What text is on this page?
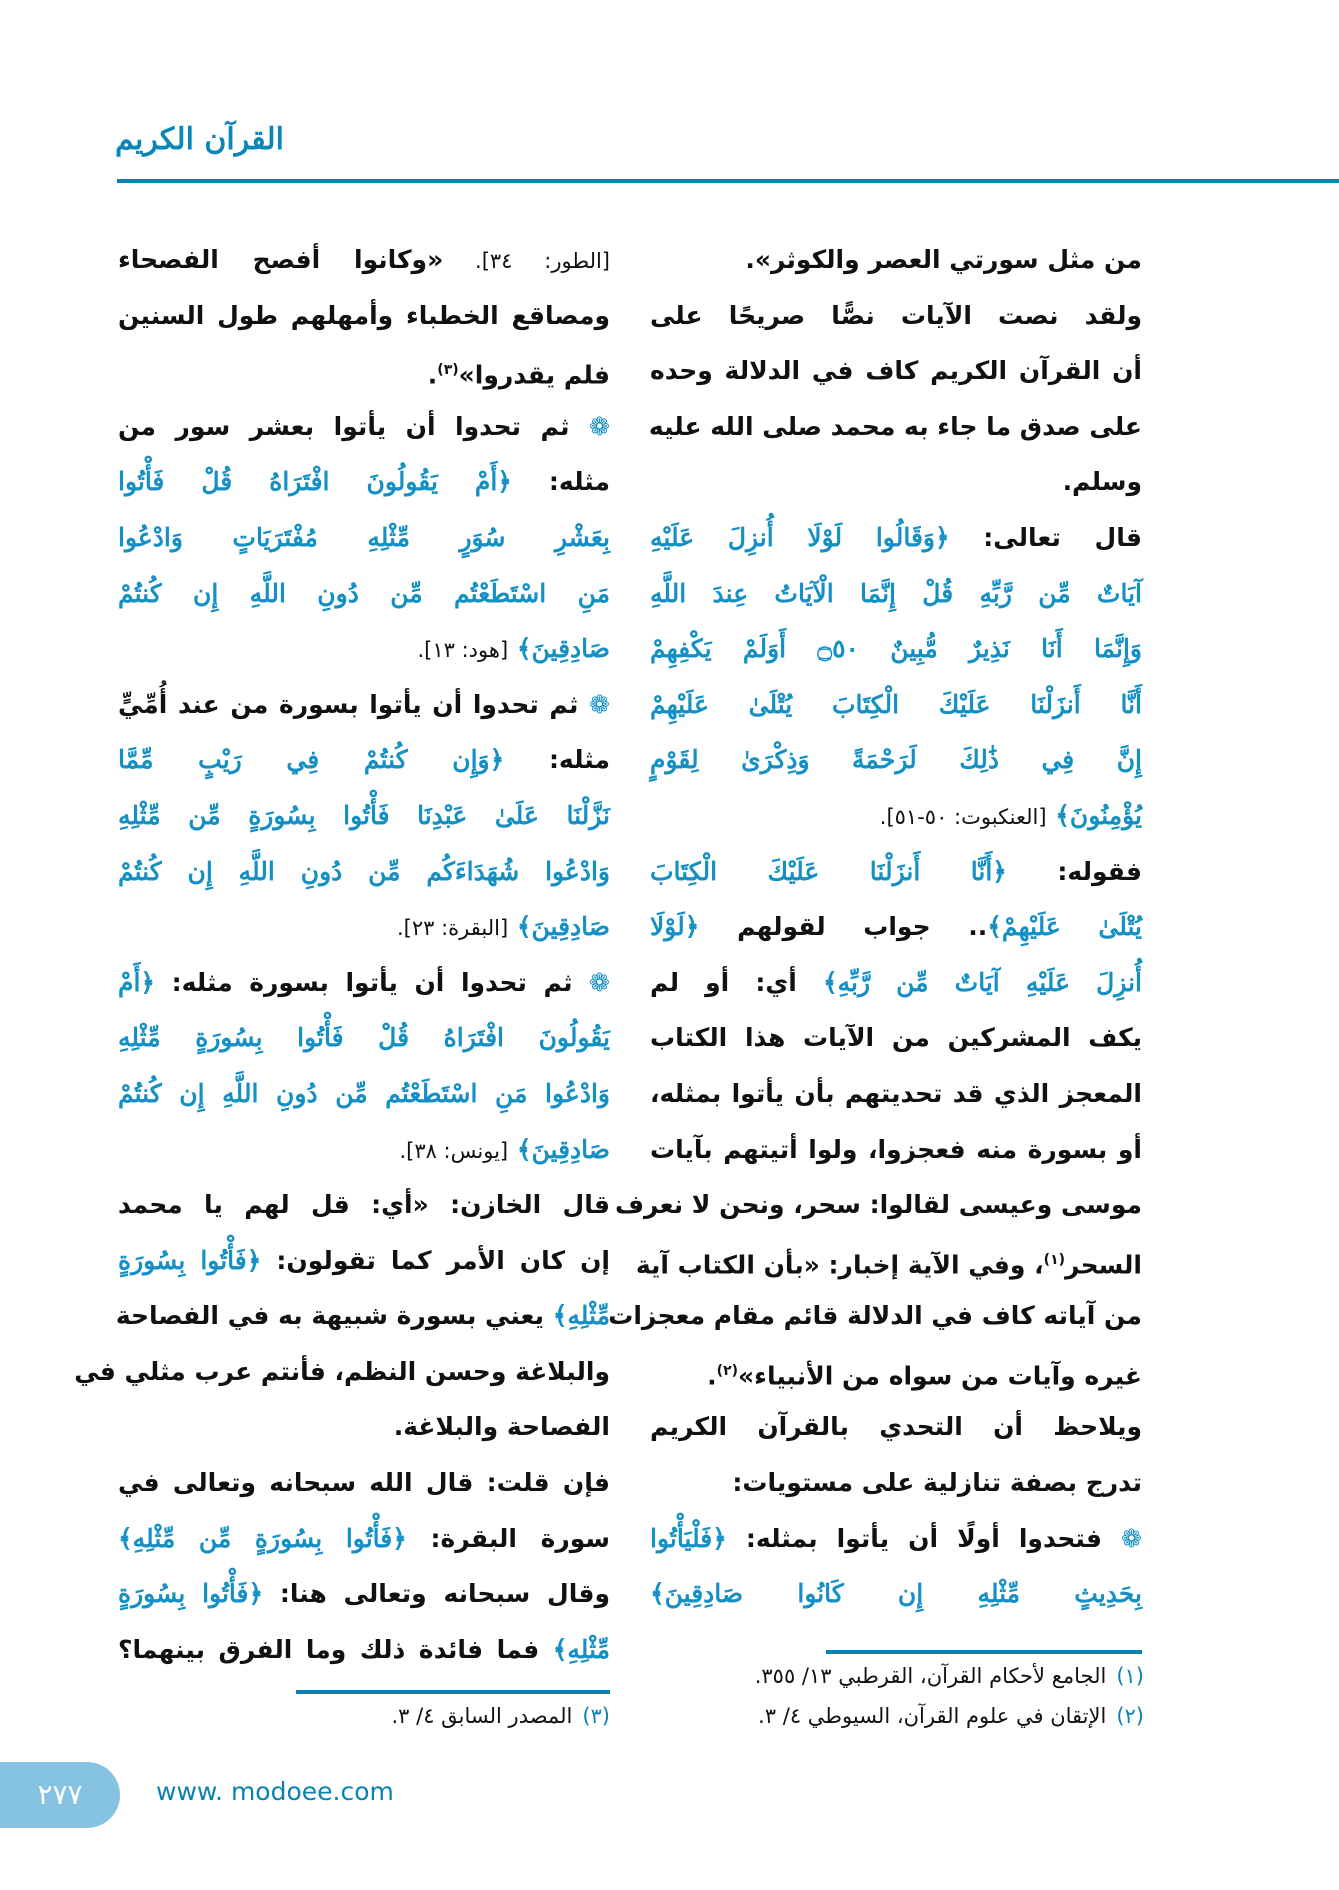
القرآن الكريم
من مثل سورتي العصر والكوثر».
ولقد نصت الآيات نصًّا صريحًا على
أن القرآن الكريم كاف في الدلالة وحده
على صدق ما جاء به محمد صلى الله عليه
وسلم.
قال تعالى: ﴿وَقَالُوا لَوْلَا أُنزِلَ عَلَيْهِ
آيَاتٌ مِّن رَّبِّهِ قُلْ إِنَّمَا الْآيَاتُ عِندَ اللَّهِ
وَإِنَّمَا أَنَا نَذِيرٌ مُّبِينٌ ۝٥٠ أَوَلَمْ يَكْفِهِمْ
أَنَّا أَنزَلْنَا عَلَيْكَ الْكِتَابَ يُتْلَىٰ عَلَيْهِمْ
إِنَّ فِي ذَٰلِكَ لَرَحْمَةً وَذِكْرَىٰ لِقَوْمٍ
يُؤْمِنُونَ﴾ [العنكبوت: ٥٠-٥١].
فقوله: ﴿أَنَّا أَنزَلْنَا عَلَيْكَ الْكِتَابَ
يُتْلَىٰ عَلَيْهِمْ﴾.. جواب لقولهم ﴿لَوْلَا
أُنزِلَ عَلَيْهِ آيَاتٌ مِّن رَّبِّهِ﴾ أي: أو لم
يكف المشركين من الآيات هذا الكتاب
المعجز الذي قد تحديتهم بأن يأتوا بمثله،
أو بسورة منه فعجزوا، ولوا أتيتهم بآيات
موسى وعيسى لقالوا: سحر، ونحن لا نعرف
السحر$^{(١)}$، وفي الآية إخبار: «بأن الكتاب آية
من آياته كاف في الدلالة قائم مقام معجزات
غيره وآيات من سواه من الأنبياء»$^{(٢)}$.
ويلاحظ أن التحدي بالقرآن الكريم
تدرج بصفة تنازلية على مستويات:
❁ فتحدوا أولًا أن يأتوا بمثله: ﴿فَلْيَأْتُوا
بِحَدِيثٍ مِّثْلِهِ إِن كَانُوا صَادِقِينَ﴾
[الطور: ٣٤]. «وكانوا أفصح الفصحاء
ومصاقع الخطباء وأمهلهم طول السنين
فلم يقدروا»$^{(٣)}$.
❁ ثم تحدوا أن يأتوا بعشر سور من
مثله: ﴿أَمْ يَقُولُونَ افْتَرَاهُ قُلْ فَأْتُوا
بِعَشْرِ سُوَرٍ مِّثْلِهِ مُفْتَرَيَاتٍ وَادْعُوا
مَنِ اسْتَطَعْتُم مِّن دُونِ اللَّهِ إِن كُنتُمْ
صَادِقِينَ﴾ [هود: ١٣].
❁ ثم تحدوا أن يأتوا بسورة من عند أُمِّيٍّ
مثله: ﴿وَإِن كُنتُمْ فِي رَيْبٍ مِّمَّا
نَزَّلْنَا عَلَىٰ عَبْدِنَا فَأْتُوا بِسُورَةٍ مِّن مِّثْلِهِ
وَادْعُوا شُهَدَاءَكُم مِّن دُونِ اللَّهِ إِن كُنتُمْ
صَادِقِينَ﴾ [البقرة: ٢٣].
❁ ثم تحدوا أن يأتوا بسورة مثله: ﴿أَمْ
يَقُولُونَ افْتَرَاهُ قُلْ فَأْتُوا بِسُورَةٍ مِّثْلِهِ
وَادْعُوا مَنِ اسْتَطَعْتُم مِّن دُونِ اللَّهِ إِن كُنتُمْ
صَادِقِينَ﴾ [يونس: ٣٨].
قال الخازن: «أي: قل لهم يا محمد
إن كان الأمر كما تقولون: ﴿فَأْتُوا بِسُورَةٍ
مِّثْلِهِ﴾ يعني بسورة شبيهة به في الفصاحة
والبلاغة وحسن النظم، فأنتم عرب مثلي في
الفصاحة والبلاغة.
فإن قلت: قال الله سبحانه وتعالى في
سورة البقرة: ﴿فَأْتُوا بِسُورَةٍ مِّن مِّثْلِهِ﴾
وقال سبحانه وتعالى هنا: ﴿فَأْتُوا بِسُورَةٍ
مِّثْلِهِ﴾ فما فائدة ذلك وما الفرق بينهما؟
(١)الجامع لأحكام القرآن، القرطبي ١٣/ ٣٥٥.
(٢)الإتقان في علوم القرآن، السيوطي ٤/ ٣.
(٣)المصدر السابق ٤/ ٣.
٢٧٧	www. modoee.com
